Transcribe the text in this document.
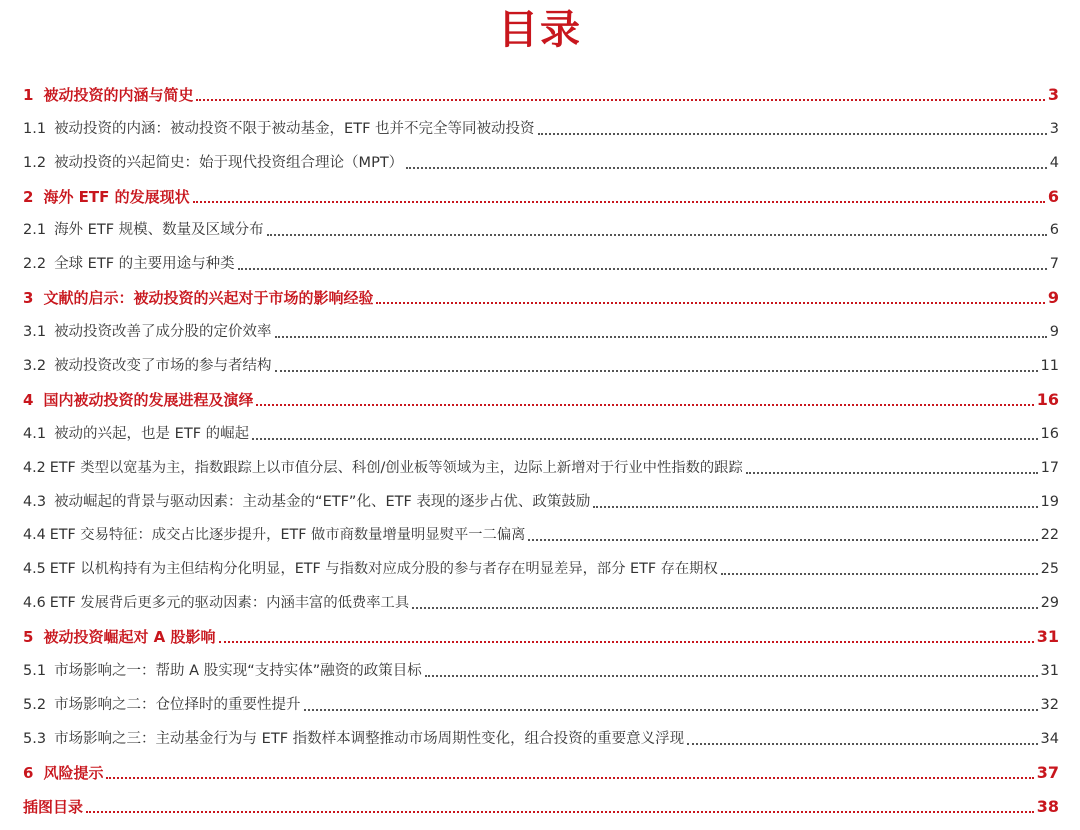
目录
1 被动投资的内涵与简史	3
1.1 被动投资的内涵：被动投资不限于被动基金，ETF 也并不完全等同被动投资	3
1.2 被动投资的兴起简史：始于现代投资组合理论（MPT）	4
2 海外 ETF 的发展现状	6
2.1 海外 ETF 规模、数量及区域分布	6
2.2 全球 ETF 的主要用途与种类	7
3 文献的启示：被动投资的兴起对于市场的影响经验	9
3.1 被动投资改善了成分股的定价效率	9
3.2 被动投资改变了市场的参与者结构	11
4 国内被动投资的发展进程及演绎	16
4.1 被动的兴起，也是 ETF 的崛起	16
4.2 ETF 类型以宽基为主，指数跟踪上以市值分层、科创/创业板等领域为主，边际上新增对于行业中性指数的跟踪	17
4.3 被动崛起的背景与驱动因素：主动基金的“ETF”化、ETF 表现的逐步占优、政策鼓励	19
4.4 ETF 交易特征：成交占比逐步提升，ETF 做市商数量增量明显熨平一二偏离	22
4.5 ETF 以机构持有为主但结构分化明显，ETF 与指数对应成分股的参与者存在明显差异，部分 ETF 存在期权	25
4.6 ETF 发展背后更多元的驱动因素：内涵丰富的低费率工具	29
5 被动投资崛起对 A 股影响	31
5.1 市场影响之一：帮助 A 股实现“支持实体”融资的政策目标	31
5.2 市场影响之二：仓位择时的重要性提升	32
5.3 市场影响之三：主动基金行为与 ETF 指数样本调整推动市场周期性变化，组合投资的重要意义浮现	34
6 风险提示	37
插图目录	38
